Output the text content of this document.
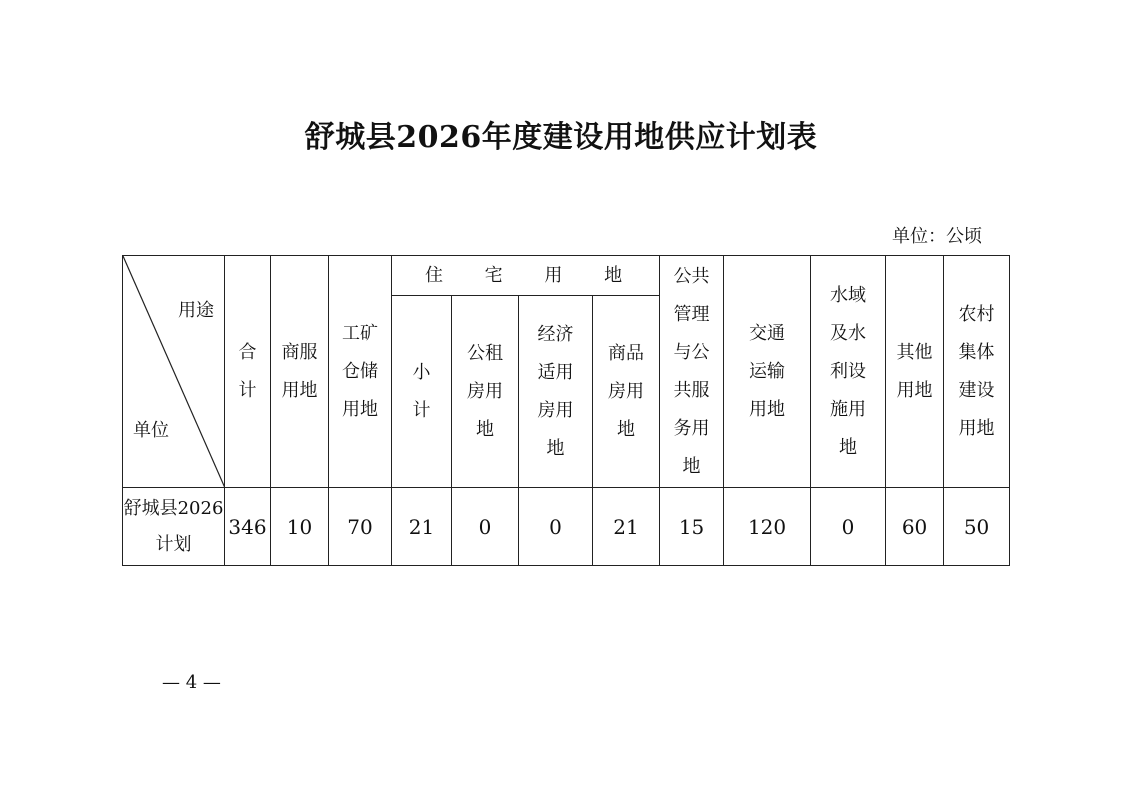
舒城县2026年度建设用地供应计划表
单位：公顷
用途
单位	合计	商服用地	工矿仓储用地	住 宅 用 地				公共管理与公共服务用地	交通运输用地	水域及水利设施用地	其他用地	农村集体建设用地
				小计	公租房用地	经济适用房用地	商品房用地					
舒城县2026计划	346	10	70	21	0	0	21	15	120	0	60	50
— 4 —
